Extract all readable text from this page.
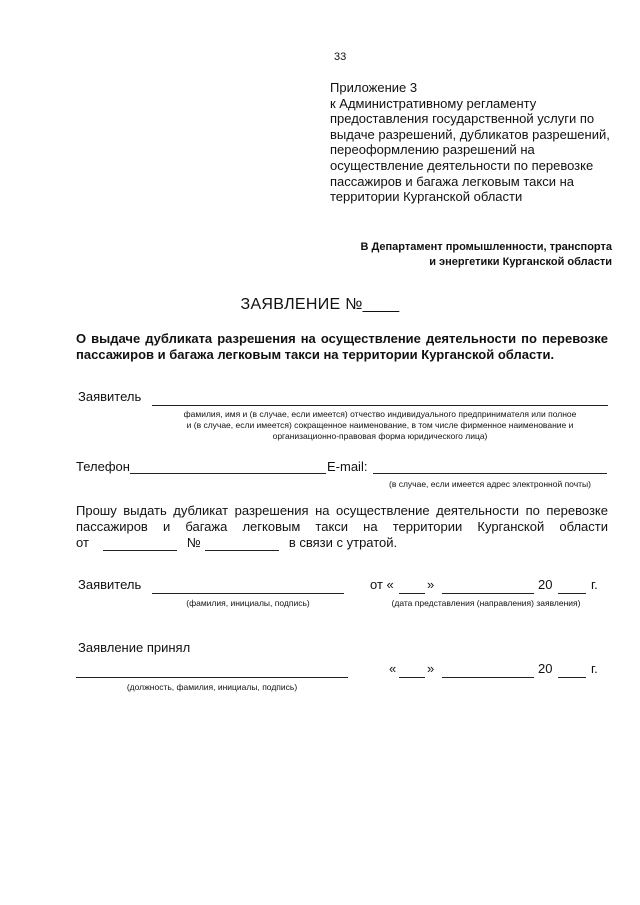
33
Приложение 3
к Административному регламенту
предоставления государственной услуги по
выдаче разрешений, дубликатов разрешений,
переоформлению разрешений на
осуществление деятельности по перевозке
пассажиров и багажа легковым такси на
территории Курганской области
В Департамент промышленности, транспорта
и энергетики Курганской области
ЗАЯВЛЕНИЕ №____
О выдаче дубликата разрешения на осуществление деятельности по перевозке
пассажиров и багажа легковым такси на территории Курганской области.
Заявитель
фамилия, имя и (в случае, если имеется) отчество индивидуального предпринимателя или полное
и (в случае, если имеется) сокращенное наименование, в том числе фирменное наименование и
организационно-правовая форма юридического лица)
Телефон	E-mail:
(в случае, если имеется адрес электронной почты)
Прошу выдать дубликат разрешения на осуществление деятельности по перевозке
пассажиров и багажа легковым такси на территории Курганской области
от	№	в связи с утратой.
Заявитель
(фамилия, инициалы, подпись)
от «	»	20	г.
(дата представления (направления) заявления)
Заявление принял
(должность, фамилия, инициалы, подпись)
« »	20	г.
